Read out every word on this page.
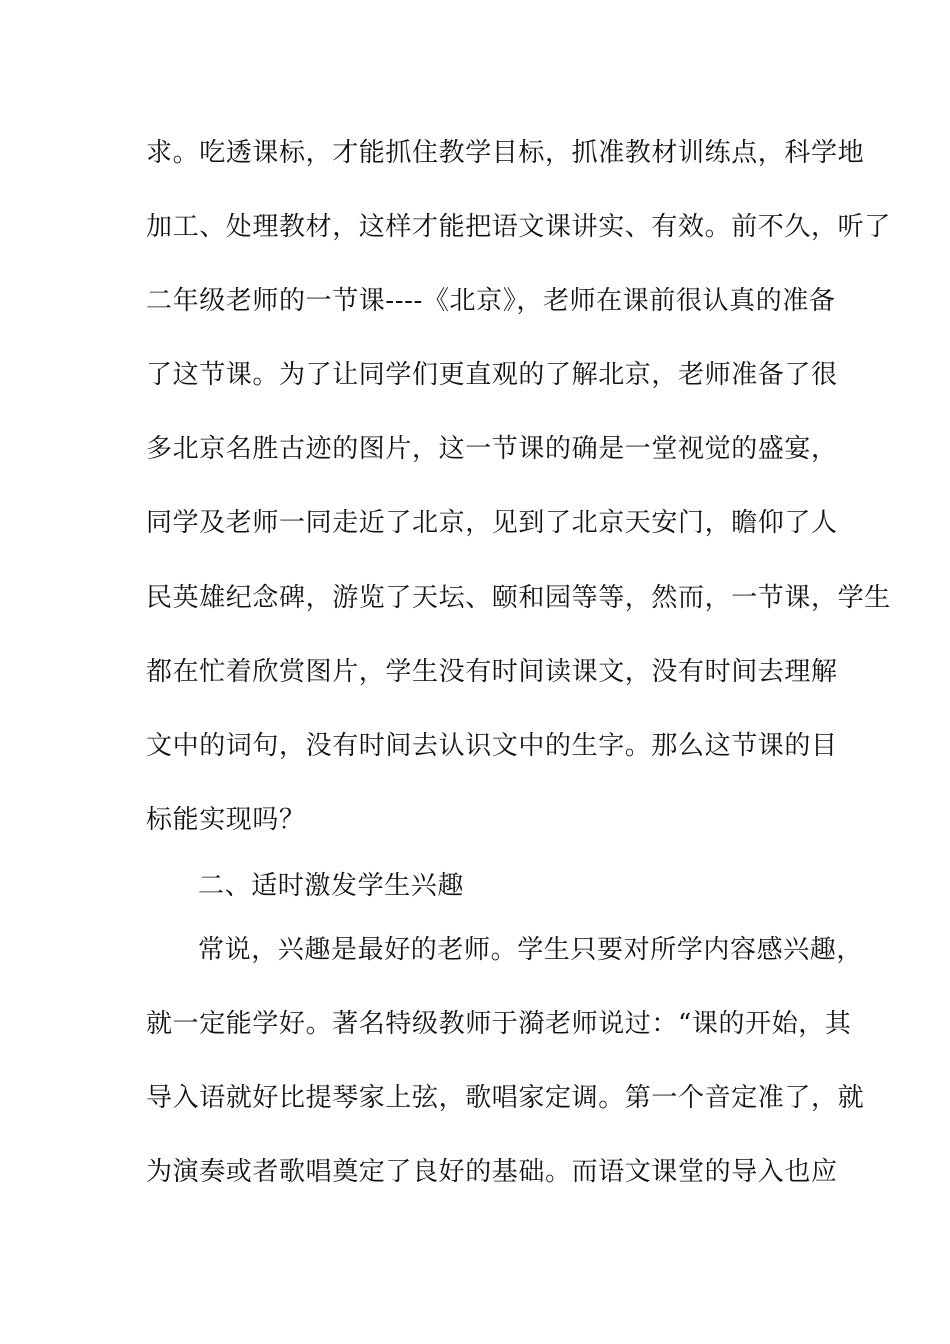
求。吃透课标，才能抓住教学目标，抓准教材训练点，科学地
加工、处理教材，这样才能把语文课讲实、有效。前不久，听了
二年级老师的一节课----《北京》，老师在课前很认真的准备
了这节课。为了让同学们更直观的了解北京，老师准备了很
多北京名胜古迹的图片，这一节课的确是一堂视觉的盛宴，
同学及老师一同走近了北京，见到了北京天安门，瞻仰了人
民英雄纪念碑，游览了天坛、颐和园等等，然而，一节课，学生
都在忙着欣赏图片，学生没有时间读课文，没有时间去理解
文中的词句，没有时间去认识文中的生字。那么这节课的目
标能实现吗？
二、适时激发学生兴趣
常说，兴趣是最好的老师。学生只要对所学内容感兴趣，
就一定能学好。著名特级教师于漪老师说过：“课的开始，其
导入语就好比提琴家上弦，歌唱家定调。第一个音定准了，就
为演奏或者歌唱奠定了良好的基础。而语文课堂的导入也应
